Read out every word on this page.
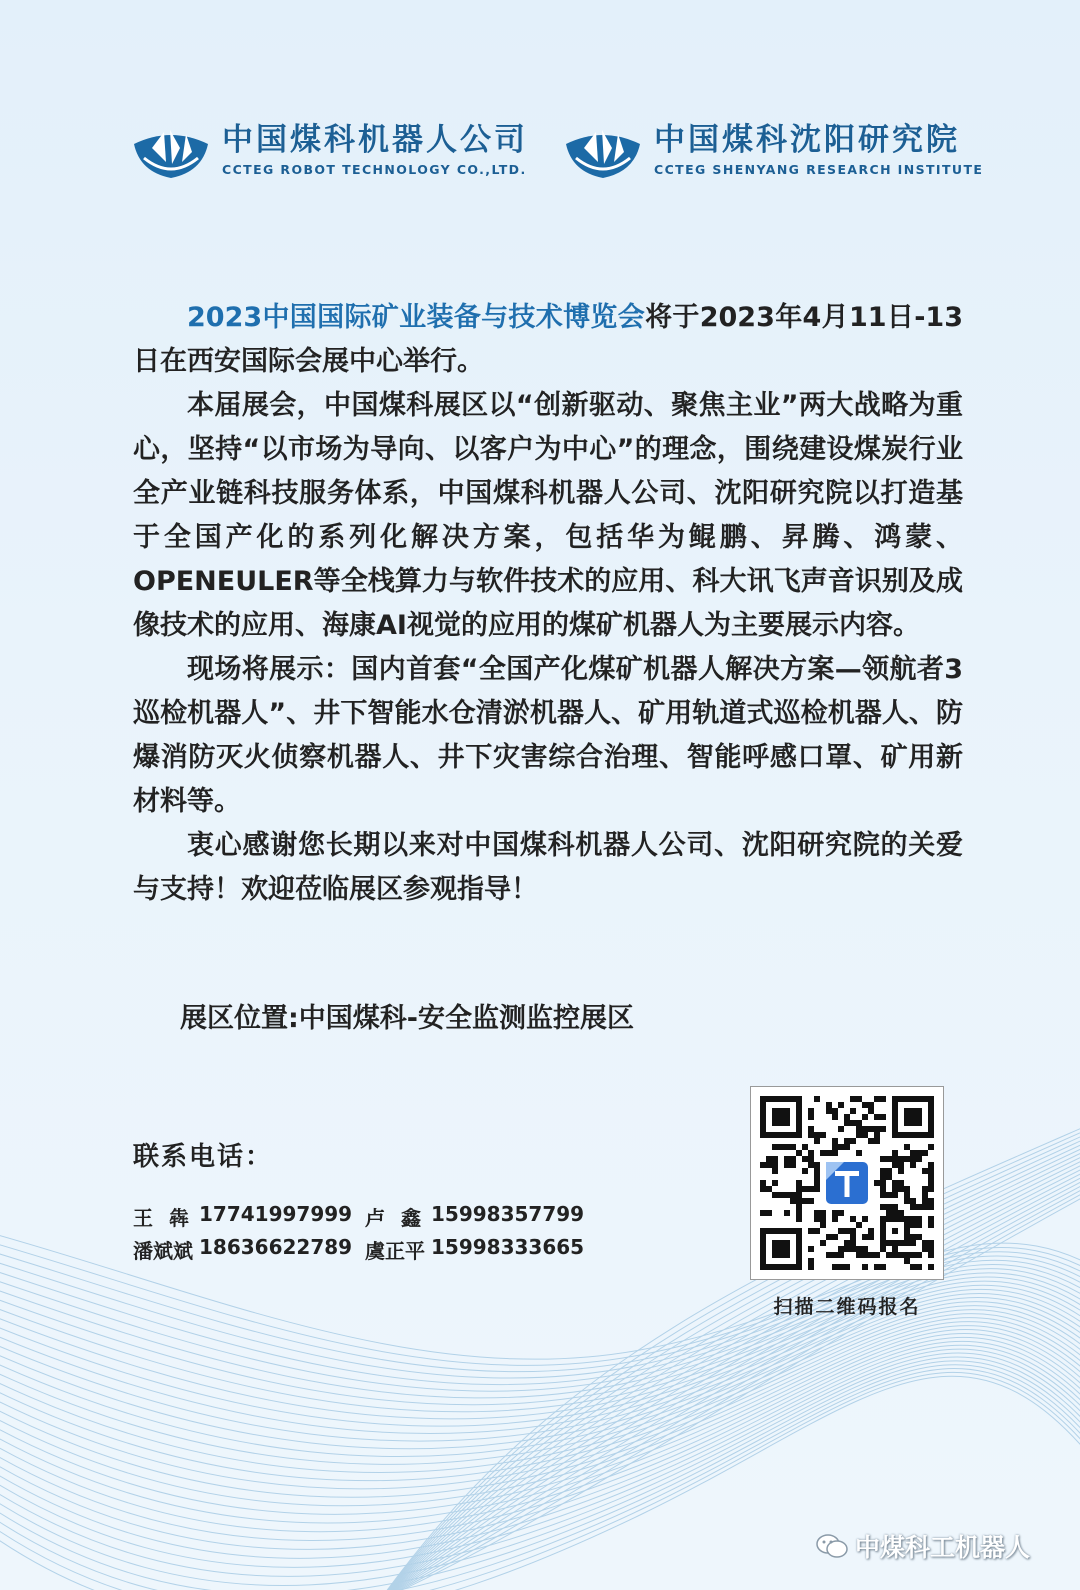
中国煤科机器人公司
CCTEG ROBOT TECHNOLOGY CO.,LTD.
中国煤科沈阳研究院
CCTEG SHENYANG RESEARCH INSTITUTE

2023中国国际矿业装备与技术博览会将于2023年4月11日-13日在西安国际会展中心举行。

本届展会，中国煤科展区以“创新驱动、聚焦主业”两大战略为重心，坚持“以市场为导向、以客户为中心”的理念，围绕建设煤炭行业全产业链科技服务体系，中国煤科机器人公司、沈阳研究院以打造基于全国产化的系列化解决方案，包括华为鲲鹏、昇腾、鸿蒙、OPENEULER等全栈算力与软件技术的应用、科大讯飞声音识别及成像技术的应用、海康AI视觉的应用的煤矿机器人为主要展示内容。

现场将展示：国内首套“全国产化煤矿机器人解决方案—领航者3巡检机器人”、井下智能水仓清淤机器人、矿用轨道式巡检机器人、防爆消防灭火侦察机器人、井下灾害综合治理、智能呼感口罩、矿用新材料等。

衷心感谢您长期以来对中国煤科机器人公司、沈阳研究院的关爱与支持！欢迎莅临展区参观指导！

展区位置:中国煤科-安全监测监控展区
联系电话：
王犇
17741997999 卢鑫
15998357799
潘斌斌 18636622789 虞正平 15998333665
扫描二维码报名
中煤科工机器人
